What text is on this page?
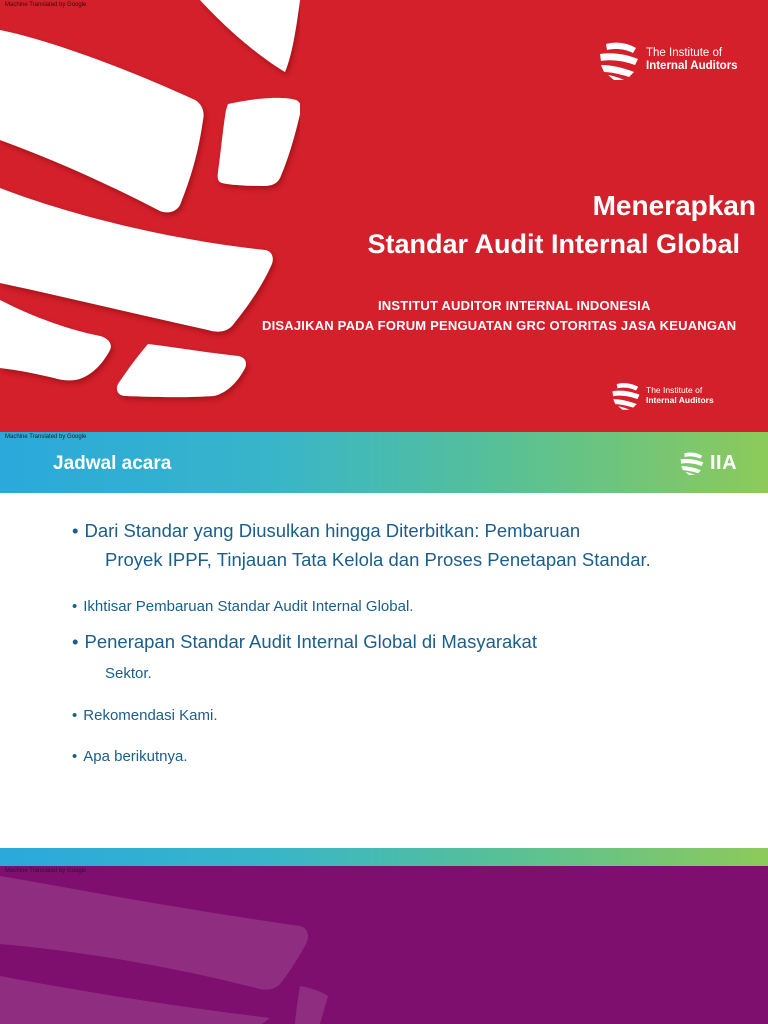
Machine Translated by Google
The Institute of
Internal Auditors
Menerapkan
Standar Audit Internal Global
INSTITUT AUDITOR INTERNAL INDONESIA
DISAJIKAN PADA FORUM PENGUATAN GRC OTORITAS JASA KEUANGAN
The Institute of
Internal Auditors
Machine Translated by Google
Jadwal acara	IIA
• Dari Standar yang Diusulkan hingga Diterbitkan: Pembaruan
Proyek IPPF, Tinjauan Tata Kelola dan Proses Penetapan Standar.
• Ikhtisar Pembaruan Standar Audit Internal Global.
• Penerapan Standar Audit Internal Global di Masyarakat
Sektor.
• Rekomendasi Kami.
• Apa berikutnya.
Machine Translated by Google
